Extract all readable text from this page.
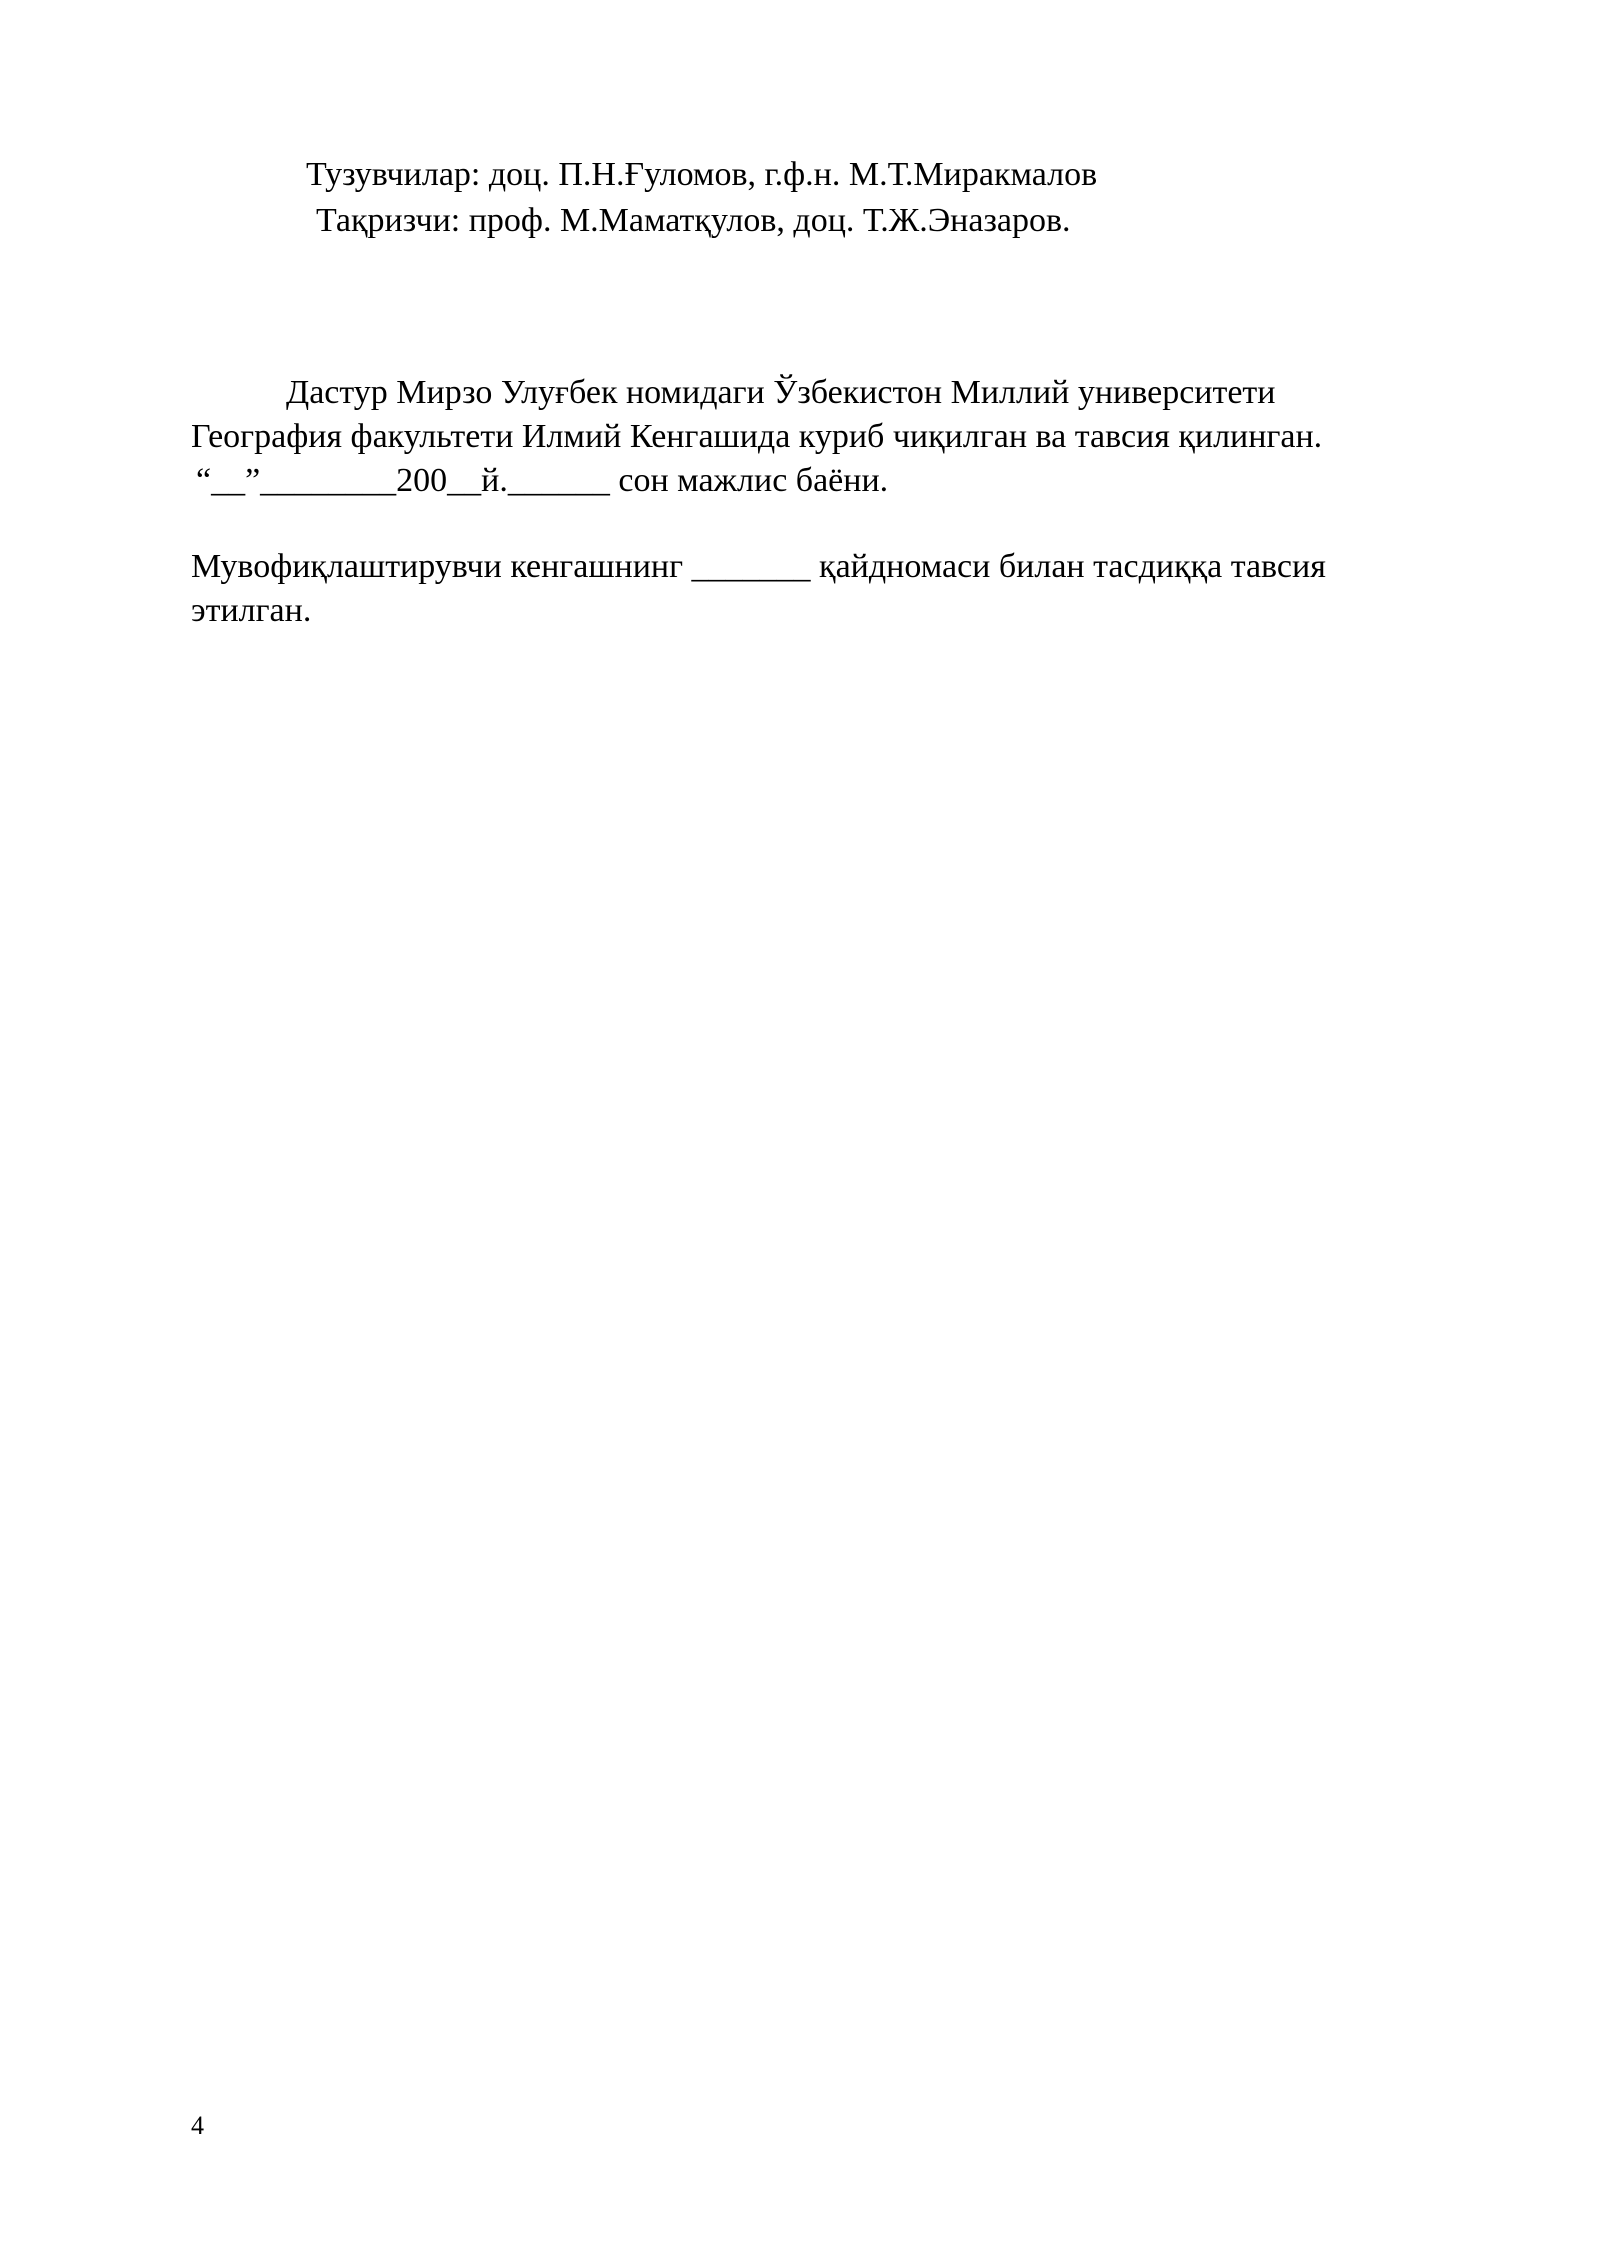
Тузувчилар: доц. П.Н.Ғуломов, г.ф.н. М.Т.Миракмалов

Тақризчи: проф. М.Маматқулов, доц. Т.Ж.Эназаров.

Дастур Мирзо Улуғбек номидаги Ўзбекистон Миллий университети

География факультети Илмий Кенгашида куриб чиқилган ва тавсия қилинган.

“__”________200__й.______ сон мажлис баёни.

Мувофиқлаштирувчи кенгашнинг _______ қайдномаси билан тасдиққа тавсия

этилган.

4
